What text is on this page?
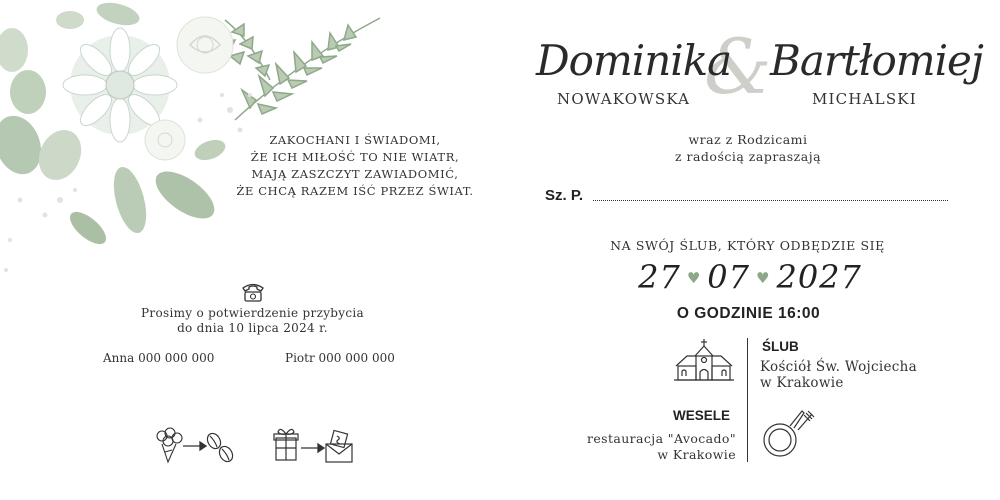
ZAKOCHANI I ŚWIADOMI,
ŻE ICH MIŁOŚĆ TO NIE WIATR,
MAJĄ ZASZCZYT ZAWIADOMIĆ,
ŻE CHCĄ RAZEM IŚĆ PRZEZ ŚWIAT.
Prosimy o potwierdzenie przybycia
do dnia 10 lipca 2024 r.
Anna 000 000 000	Piotr 000 000 000
&
Dominika Bartłomiej
NOWAKOWSKA	MICHALSKI
wraz z Rodzicami
z radością zapraszają
Sz. P.
NA SWÓJ ŚLUB, KTÓRY ODBĘDZIE SIĘ
27 ♥ 07 ♥ 2027
O GODZINIE 16:00
ŚLUB
Kościół Św. Wojciecha
w Krakowie
WESELE
restauracja "Avocado"
w Krakowie
